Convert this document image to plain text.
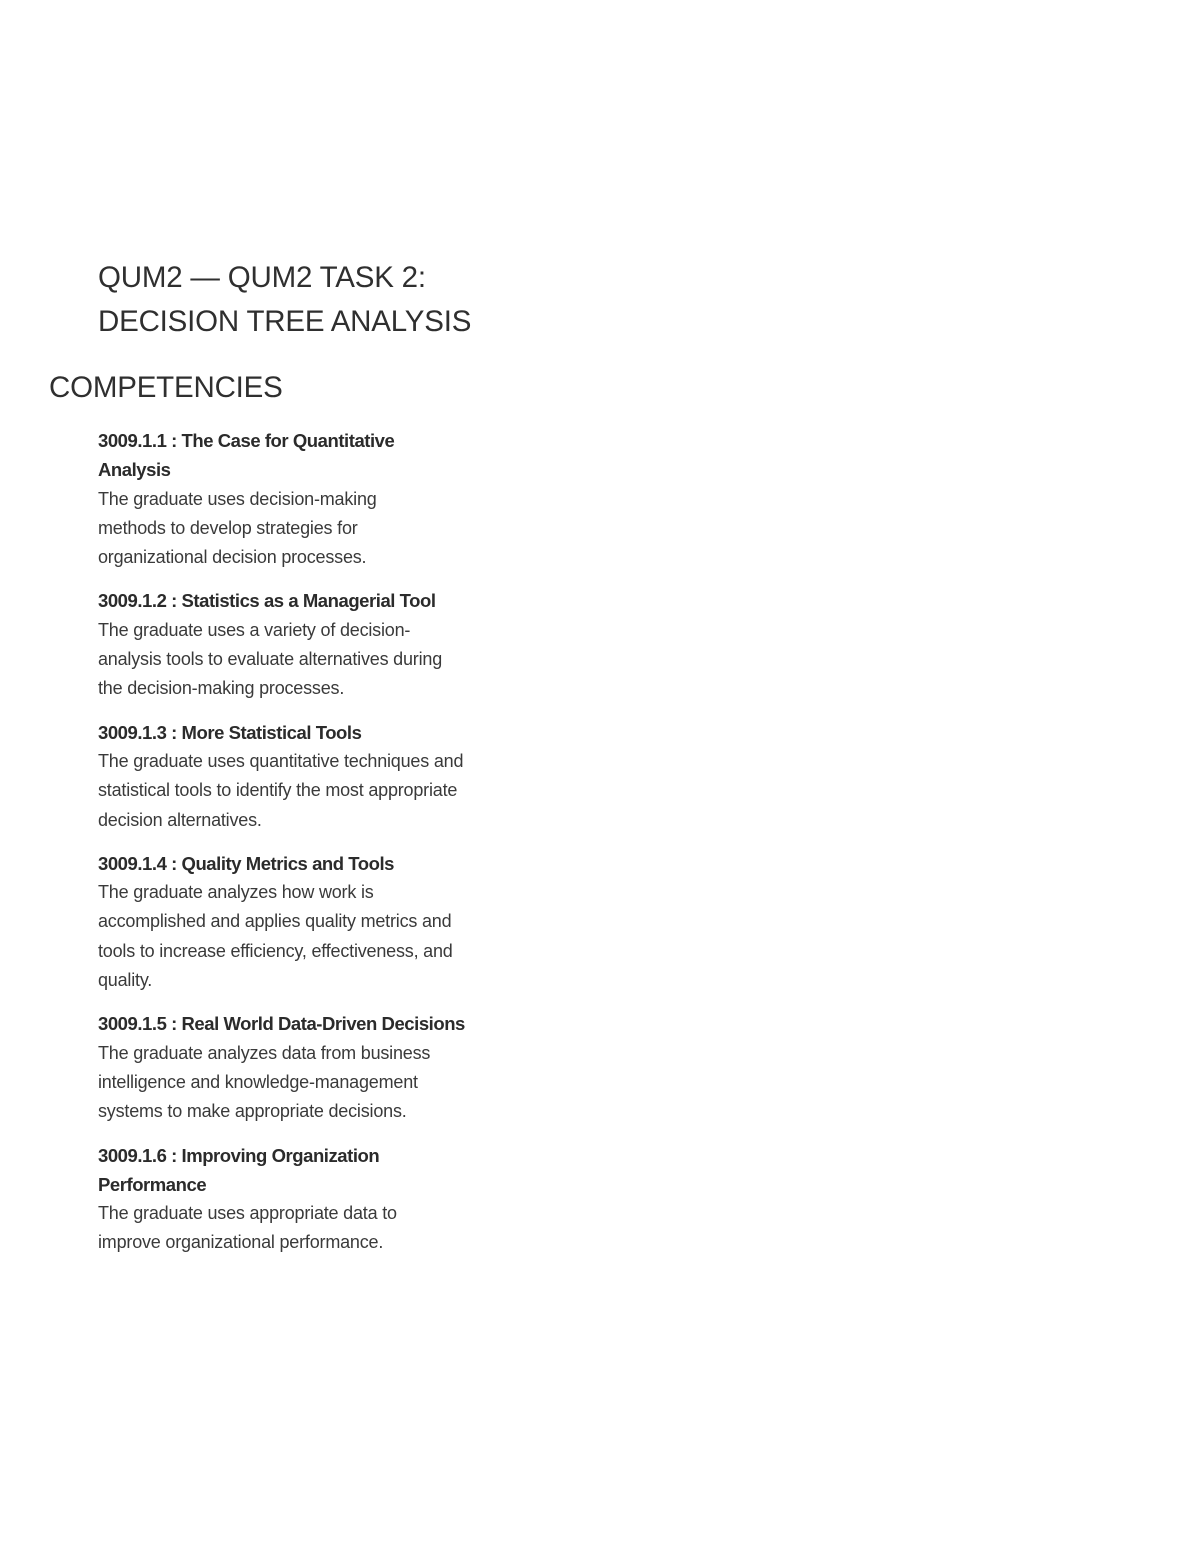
QUM2 — QUM2 TASK 2: DECISION TREE ANALYSIS
COMPETENCIES
3009.1.1 : The Case for Quantitative Analysis
The graduate uses decision-making methods to develop strategies for organizational decision processes.
3009.1.2 : Statistics as a Managerial Tool
The graduate uses a variety of decision-analysis tools to evaluate alternatives during the decision-making processes.
3009.1.3 : More Statistical Tools
The graduate uses quantitative techniques and statistical tools to identify the most appropriate decision alternatives.
3009.1.4 : Quality Metrics and Tools
The graduate analyzes how work is accomplished and applies quality metrics and tools to increase efficiency, effectiveness, and quality.
3009.1.5 : Real World Data-Driven Decisions
The graduate analyzes data from business intelligence and knowledge-management systems to make appropriate decisions.
3009.1.6 : Improving Organization Performance
The graduate uses appropriate data to improve organizational performance.
